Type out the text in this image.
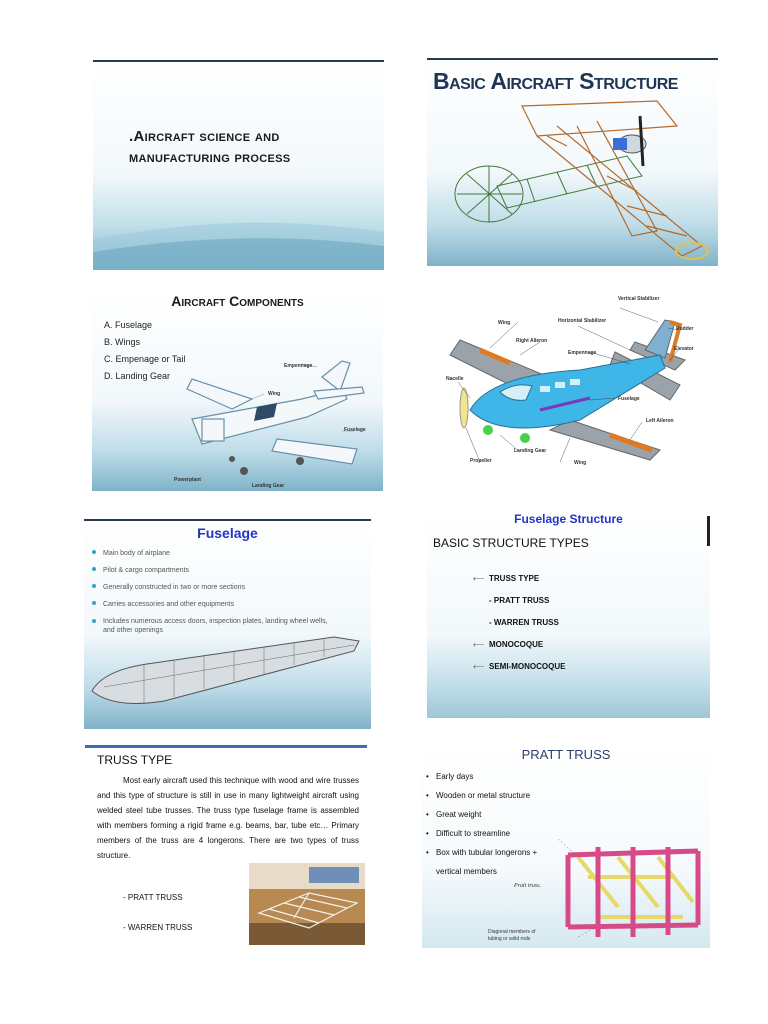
.Aircraft science and
manufacturing process
Basic Aircraft Structure
Aircraft Components
A. Fuselage
B. Wings
C. Empenage or Tail
D. Landing Gear
Empennage
Wing
Fuselage
Powerplant
Landing Gear
Vertical Stabilizer
Horizontal Stabilizer
Wing
Right Aileron
Rudder
Empennage
Elevator
Nacelle
Fuselage
Left Aileron
Landing Gear
Propeller	Wing
Fuselage
Main body of airplane
Pilot & cargo compartments
Generally constructed in two or more sections
Carries accessories and other equipments
Includes numerous access doors, inspection plates, landing wheel wells, and other openings
Fuselage Structure
BASIC STRUCTURE TYPES
⟵ TRUSS TYPE
- PRATT TRUSS
- WARREN TRUSS
⟵ MONOCOQUE
⟵ SEMI-MONOCOQUE
TRUSS TYPE
Most early aircraft used this technique with wood and wire trusses and this type of structure is still in use in many lightweight aircraft using welded steel tube trusses. The truss type fuselage frame is assembled with members forming a rigid frame e.g. beams, bar, tube etc… Primary members of the truss are 4 longerons. There are two types of truss structure.
- PRATT TRUSS
- WARREN TRUSS
PRATT TRUSS
• Early days
• Wooden or metal structure
• Great weight
• Difficult to streamline
• Box with tubular longerons +
vertical members
Pratt truss.
Diagonal members of
tubing or solid rods
